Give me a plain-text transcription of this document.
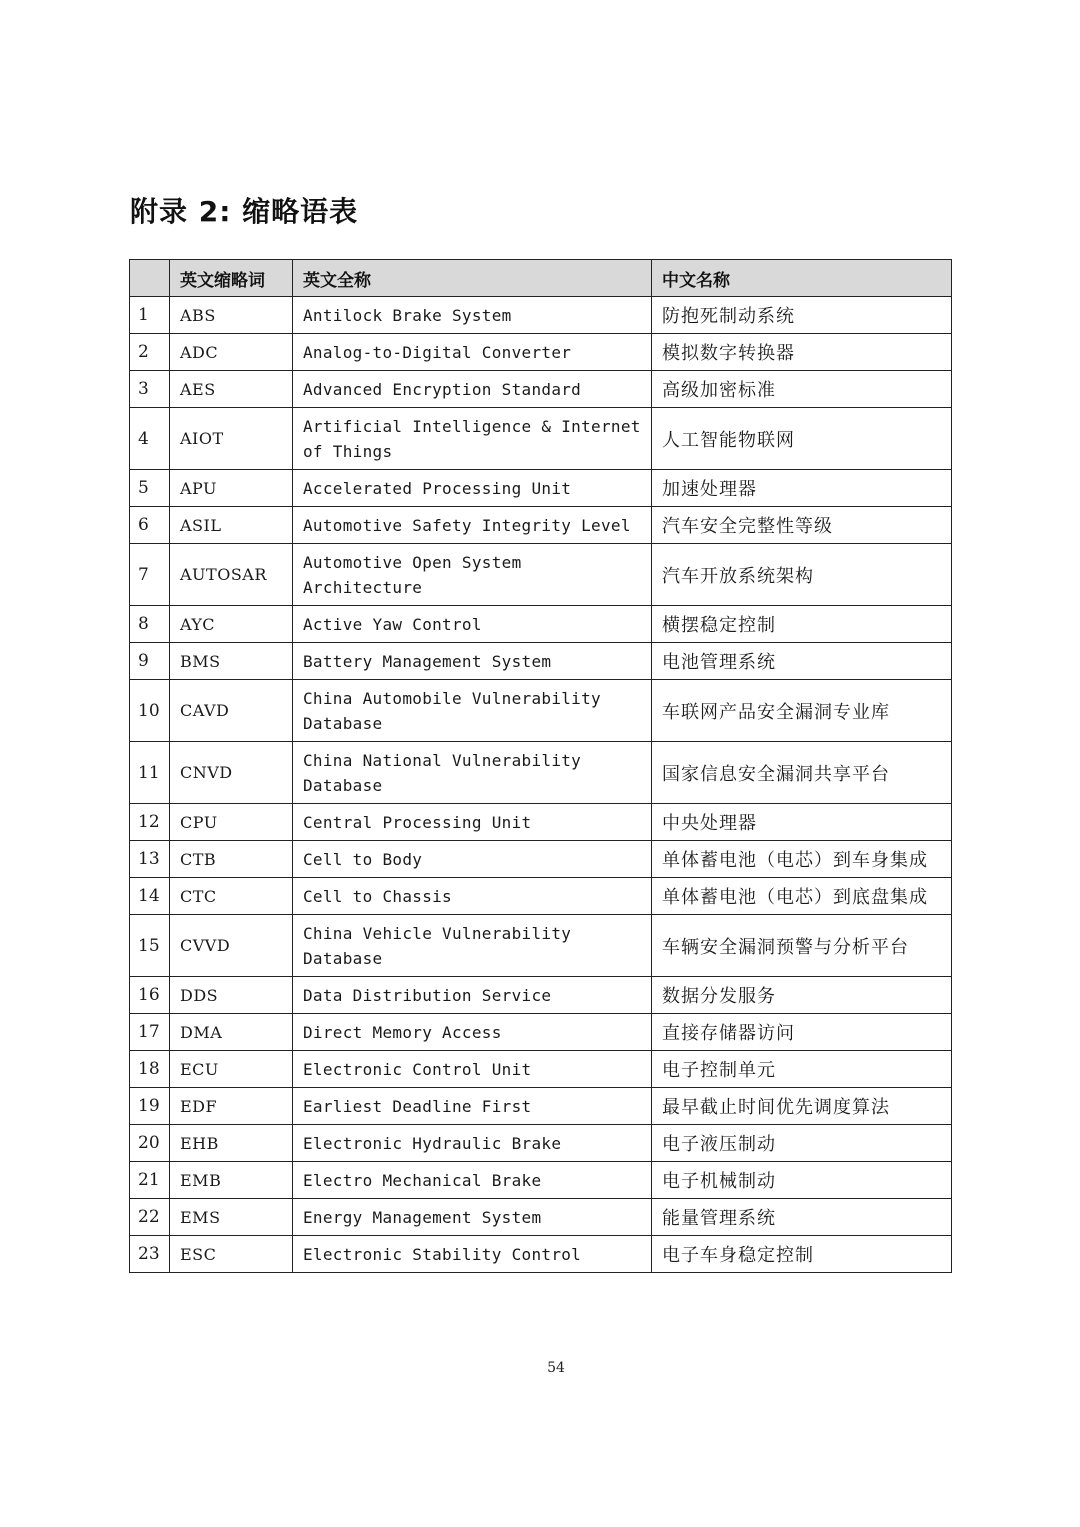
附录 2: 缩略语表
	英文缩略词	英文全称	中文名称
1	ABS	Antilock Brake System	防抱死制动系统
2	ADC	Analog-to-Digital Converter	模拟数字转换器
3	AES	Advanced Encryption Standard	高级加密标准
4	AIOT	Artificial Intelligence & Internet of Things	人工智能物联网
5	APU	Accelerated Processing Unit	加速处理器
6	ASIL	Automotive Safety Integrity Level	汽车安全完整性等级
7	AUTOSAR	Automotive Open System Architecture	汽车开放系统架构
8	AYC	Active Yaw Control	横摆稳定控制
9	BMS	Battery Management System	电池管理系统
10	CAVD	China Automobile Vulnerability Database	车联网产品安全漏洞专业库
11	CNVD	China National Vulnerability Database	国家信息安全漏洞共享平台
12	CPU	Central Processing Unit	中央处理器
13	CTB	Cell to Body	单体蓄电池（电芯）到车身集成
14	CTC	Cell to Chassis	单体蓄电池（电芯）到底盘集成
15	CVVD	China Vehicle Vulnerability Database	车辆安全漏洞预警与分析平台
16	DDS	Data Distribution Service	数据分发服务
17	DMA	Direct Memory Access	直接存储器访问
18	ECU	Electronic Control Unit	电子控制单元
19	EDF	Earliest Deadline First	最早截止时间优先调度算法
20	EHB	Electronic Hydraulic Brake	电子液压制动
21	EMB	Electro Mechanical Brake	电子机械制动
22	EMS	Energy Management System	能量管理系统
23	ESC	Electronic Stability Control	电子车身稳定控制
54
